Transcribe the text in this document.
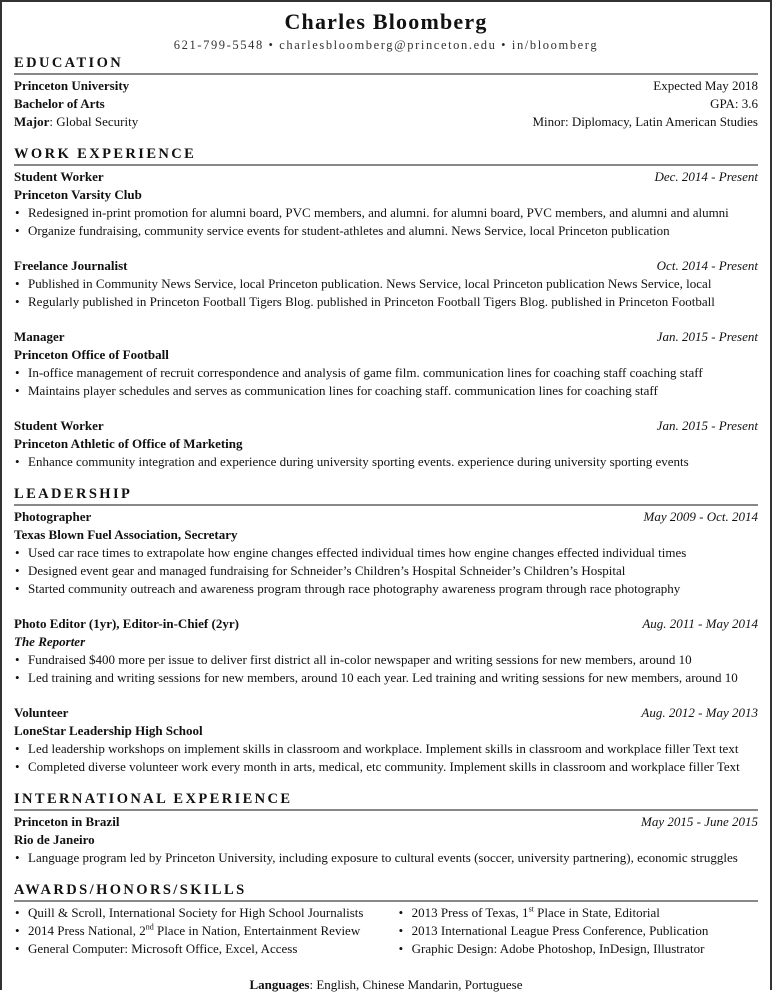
Charles Bloomberg
621-799-5548 • charlesbloomberg@princeton.edu • in/bloomberg
EDUCATION
Princeton University	Expected May 2018
Bachelor of Arts	GPA: 3.6
Major: Global Security	Minor: Diplomacy, Latin American Studies
WORK EXPERIENCE
Student Worker	Dec. 2014 - Present
Princeton Varsity Club
• Redesigned in-print promotion for alumni board, PVC members, and alumni. for alumni board, PVC members, and alumni and alumni
• Organize fundraising, community service events for student-athletes and alumni. News Service, local Princeton publication
Freelance Journalist	Oct. 2014 - Present
• Published in Community News Service, local Princeton publication. News Service, local Princeton publication News Service, local
• Regularly published in Princeton Football Tigers Blog. published in Princeton Football Tigers Blog. published in Princeton Football
Manager	Jan. 2015 - Present
Princeton Office of Football
• In-office management of recruit correspondence and analysis of game film. communication lines for coaching staff coaching staff
• Maintains player schedules and serves as communication lines for coaching staff. communication lines for coaching staff
Student Worker	Jan. 2015 - Present
Princeton Athletic of Office of Marketing
• Enhance community integration and experience during university sporting events. experience during university sporting events
LEADERSHIP
Photographer	May 2009 - Oct. 2014
Texas Blown Fuel Association, Secretary
• Used car race times to extrapolate how engine changes effected individual times how engine changes effected individual times
• Designed event gear and managed fundraising for Schneider’s Children’s Hospital Schneider’s Children’s Hospital
• Started community outreach and awareness program through race photography awareness program through race photography
Photo Editor (1yr), Editor-in-Chief (2yr)	Aug. 2011 - May 2014
The Reporter
• Fundraised $400 more per issue to deliver first district all in-color newspaper and writing sessions for new members, around 10
• Led training and writing sessions for new members, around 10 each year. Led training and writing sessions for new members, around 10
Volunteer	Aug. 2012 - May 2013
LoneStar Leadership High School
• Led leadership workshops on implement skills in classroom and workplace. Implement skills in classroom and workplace filler Text text
• Completed diverse volunteer work every month in arts, medical, etc community. Implement skills in classroom and workplace filler Text
INTERNATIONAL EXPERIENCE
Princeton in Brazil	May 2015 - June 2015
Rio de Janeiro
• Language program led by Princeton University, including exposure to cultural events (soccer, university partnering), economic struggles
AWARDS/HONORS/SKILLS
• Quill & Scroll, International Society for High School Journalists
• 2014 Press National, 2nd Place in Nation, Entertainment Review
• General Computer: Microsoft Office, Excel, Access
• 2013 Press of Texas, 1st Place in State, Editorial
• 2013 International League Press Conference, Publication
• Graphic Design: Adobe Photoshop, InDesign, Illustrator
Languages: English, Chinese Mandarin, Portuguese
